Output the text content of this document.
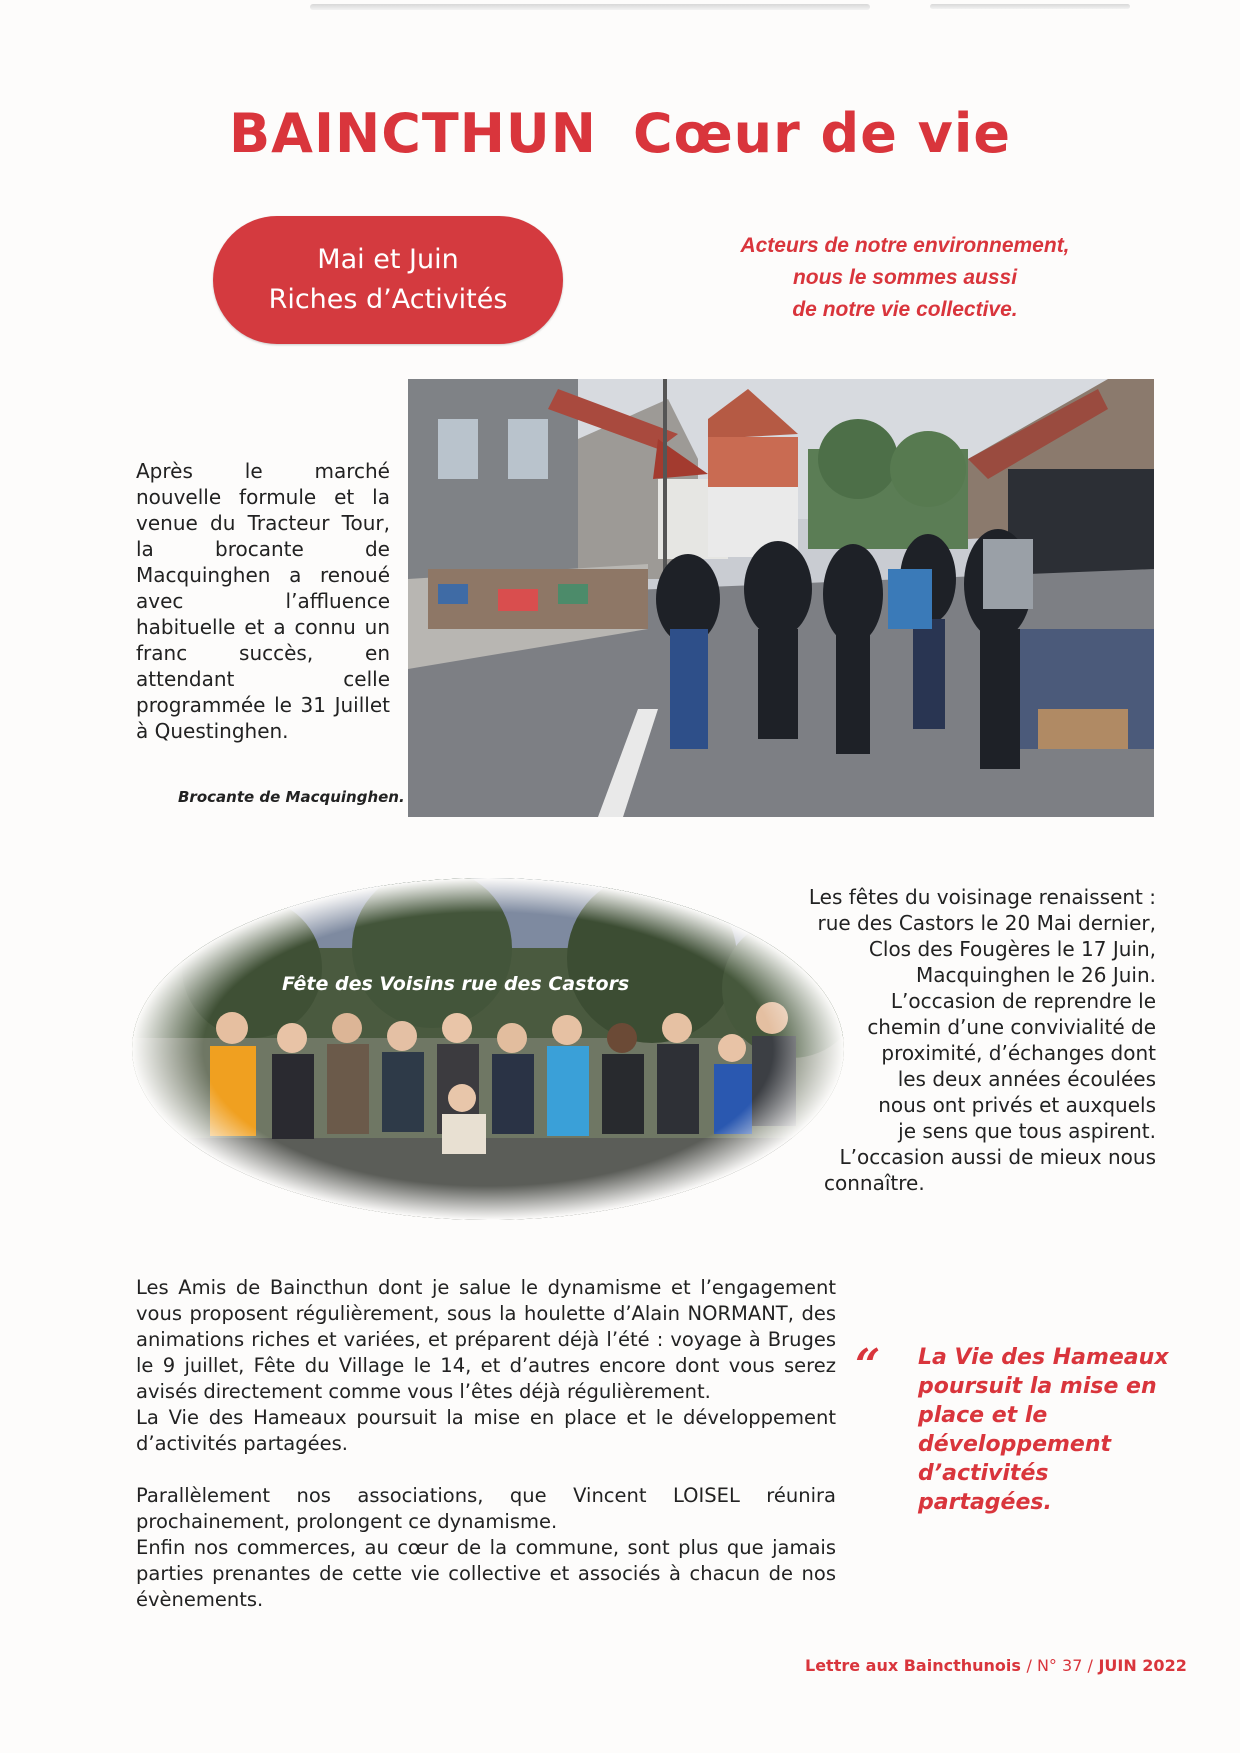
BAINCTHUN Cœur de vie
Mai et Juin
Riches d’Activités
Acteurs de notre environnement,
nous le sommes aussi
de notre vie collective.
Après le marché nouvelle formule et la venue du Tracteur Tour, la brocante de Macquinghen a renoué avec l’affluence habituelle et a connu un franc succès, en attendant celle programmée le 31 Juillet à Questinghen.
Brocante de Macquinghen.
Les fêtes du voisinage renaissent :
rue des Castors le 20 Mai dernier,
Clos des Fougères le 17 Juin,
Macquinghen le 26 Juin.
L’occasion de reprendre le
chemin d’une convivialité de
proximité, d’échanges dont
les deux années écoulées
nous ont privés et auxquels
je sens que tous aspirent.
L’occasion aussi de mieux nous
connaître.

Les Amis de Baincthun dont je salue le dynamisme et l’engagement vous proposent régulièrement, sous la houlette d’Alain NORMANT, des animations riches et variées, et préparent déjà l’été : voyage à Bruges le 9 juillet, Fête du Village le 14, et d’autres encore dont vous serez avisés directement comme vous l’êtes déjà régulièrement.

La Vie des Hameaux poursuit la mise en place et le développement d’activités partagées.

Parallèlement nos associations, que Vincent LOISEL réunira prochainement, prolongent ce dynamisme.

Enfin nos commerces, au cœur de la commune, sont plus que jamais parties prenantes de cette vie collective et associés à chacun de nos évènements.

“ La Vie des Hameaux poursuit la mise en place et le développement d’activités partagées.
Lettre aux Baincthunois / N° 37 / JUIN 2022
